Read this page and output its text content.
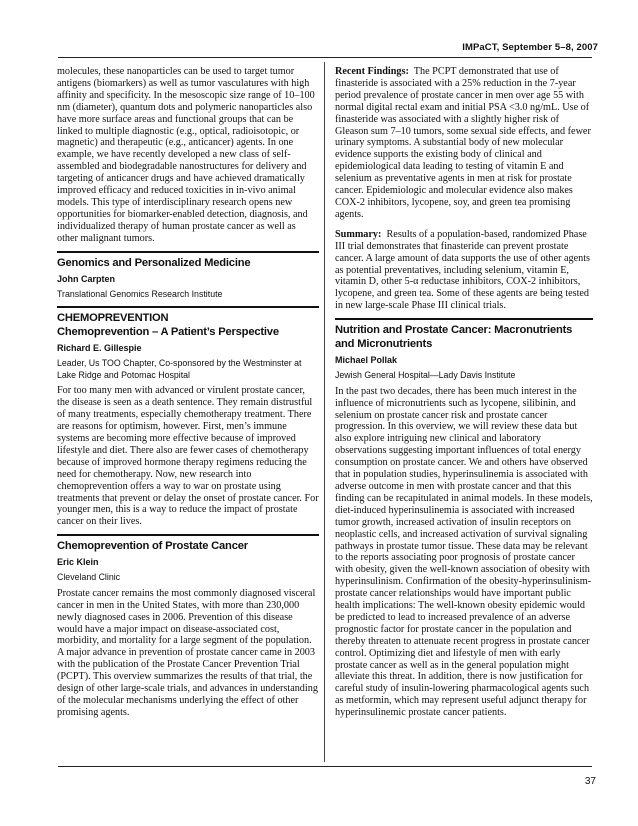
IMPaCT, September 5–8, 2007

molecules, these nanoparticles can be used to target tumor antigens (biomarkers) as well as tumor vasculatures with high affinity and specificity. In the mesoscopic size range of 10–100 nm (diameter), quantum dots and polymeric nanoparticles also have more surface areas and functional groups that can be linked to multiple diagnostic (e.g., optical, radioisotopic, or magnetic) and therapeutic (e.g., anticancer) agents. In one example, we have recently developed a new class of self-assembled and biodegradable nanostructures for delivery and targeting of anticancer drugs and have achieved dramatically improved efficacy and reduced toxicities in in-vivo animal models. This type of interdisciplinary research opens new opportunities for biomarker-enabled detection, diagnosis, and individualized therapy of human prostate cancer as well as other malignant tumors.

Genomics and Personalized Medicine
John Carpten
Translational Genomics Research Institute
CHEMOPREVENTION
Chemoprevention – A Patient’s Perspective
Richard E. Gillespie
Leader, Us TOO Chapter, Co-sponsored by the Westminster at Lake Ridge and Potomac Hospital

For too many men with advanced or virulent prostate cancer, the disease is seen as a death sentence. They remain distrustful of many treatments, especially chemotherapy treatment. There are reasons for optimism, however. First, men’s immune systems are becoming more effective because of improved lifestyle and diet. There also are fewer cases of chemotherapy because of improved hormone therapy regimens reducing the need for chemotherapy. Now, new research into chemoprevention offers a way to war on prostate using treatments that prevent or delay the onset of prostate cancer. For younger men, this is a way to reduce the impact of prostate cancer on their lives.

Chemoprevention of Prostate Cancer
Eric Klein
Cleveland Clinic

Prostate cancer remains the most commonly diagnosed visceral cancer in men in the United States, with more than 230,000 newly diagnosed cases in 2006. Prevention of this disease would have a major impact on disease-associated cost, morbidity, and mortality for a large segment of the population. A major advance in prevention of prostate cancer came in 2003 with the publication of the Prostate Cancer Prevention Trial (PCPT). This overview summarizes the results of that trial, the design of other large-scale trials, and advances in understanding of the molecular mechanisms underlying the effect of other promising agents.

Recent Findings: The PCPT demonstrated that use of finasteride is associated with a 25% reduction in the 7-year period prevalence of prostate cancer in men over age 55 with normal digital rectal exam and initial PSA <3.0 ng/mL. Use of finasteride was associated with a slightly higher risk of Gleason sum 7–10 tumors, some sexual side effects, and fewer urinary symptoms. A substantial body of new molecular evidence supports the existing body of clinical and epidemiological data leading to testing of vitamin E and selenium as preventative agents in men at risk for prostate cancer. Epidemiologic and molecular evidence also makes COX-2 inhibitors, lycopene, soy, and green tea promising agents.

Summary: Results of a population-based, randomized Phase III trial demonstrates that finasteride can prevent prostate cancer. A large amount of data supports the use of other agents as potential preventatives, including selenium, vitamin E, vitamin D, other 5-α reductase inhibitors, COX-2 inhibitors, lycopene, and green tea. Some of these agents are being tested in new large-scale Phase III clinical trials.

Nutrition and Prostate Cancer: Macronutrients and Micronutrients
Michael Pollak
Jewish General Hospital—Lady Davis Institute

In the past two decades, there has been much interest in the influence of micronutrients such as lycopene, silibinin, and selenium on prostate cancer risk and prostate cancer progression. In this overview, we will review these data but also explore intriguing new clinical and laboratory observations suggesting important influences of total energy consumption on prostate cancer. We and others have observed that in population studies, hyperinsulinemia is associated with adverse outcome in men with prostate cancer and that this finding can be recapitulated in animal models. In these models, diet-induced hyperinsulinemia is associated with increased tumor growth, increased activation of insulin receptors on neoplastic cells, and increased activation of survival signaling pathways in prostate tumor tissue. These data may be relevant to the reports associating poor prognosis of prostate cancer with obesity, given the well-known association of obesity with hyperinsulinism. Confirmation of the obesity-hyperinsulinism-prostate cancer relationships would have important public health implications: The well-known obesity epidemic would be predicted to lead to increased prevalence of an adverse prognostic factor for prostate cancer in the population and thereby threaten to attenuate recent progress in prostate cancer control. Optimizing diet and lifestyle of men with early prostate cancer as well as in the general population might alleviate this threat. In addition, there is now justification for careful study of insulin-lowering pharmacological agents such as metformin, which may represent useful adjunct therapy for hyperinsulinemic prostate cancer patients.

37
